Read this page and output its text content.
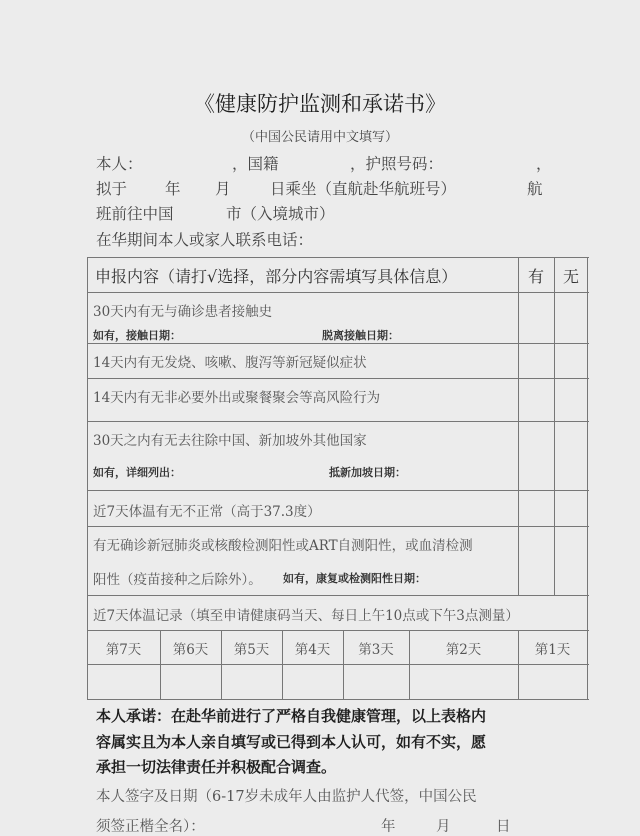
《健康防护监测和承诺书》
（中国公民请用中文填写）
本人：	，国籍	，护照号码：	，
拟于 年 月	日乘坐（直航赴华航班号）	航
班前往中国	市（入境城市）
在华期间本人或家人联系电话：
申报内容（请打√选择，部分内容需填写具体信息）	有 无
30天内有无与确诊患者接触史
如有，接触日期：	脱离接触日期：
14天内有无发烧、咳嗽、腹泻等新冠疑似症状
14天内有无非必要外出或聚餐聚会等高风险行为
30天之内有无去往除中国、新加坡外其他国家
如有，详细列出：	抵新加坡日期：
近7天体温有无不正常（高于37.3度）
有无确诊新冠肺炎或核酸检测阳性或ART自测阳性，或血清检测
阳性（疫苗接种之后除外）。 如有，康复或检测阳性日期：
近7天体温记录（填至申请健康码当天、每日上午10点或下午3点测量）
第7天	第6天	第5天	第4天	第3天	第2天	第1天
本人承诺：在赴华前进行了严格自我健康管理，以上表格内
容属实且为本人亲自填写或已得到本人认可，如有不实，愿
承担一切法律责任并积极配合调查。
本人签字及日期（6-17岁未成年人由监护人代签，中国公民
须签正楷全名）：	年	月	日
